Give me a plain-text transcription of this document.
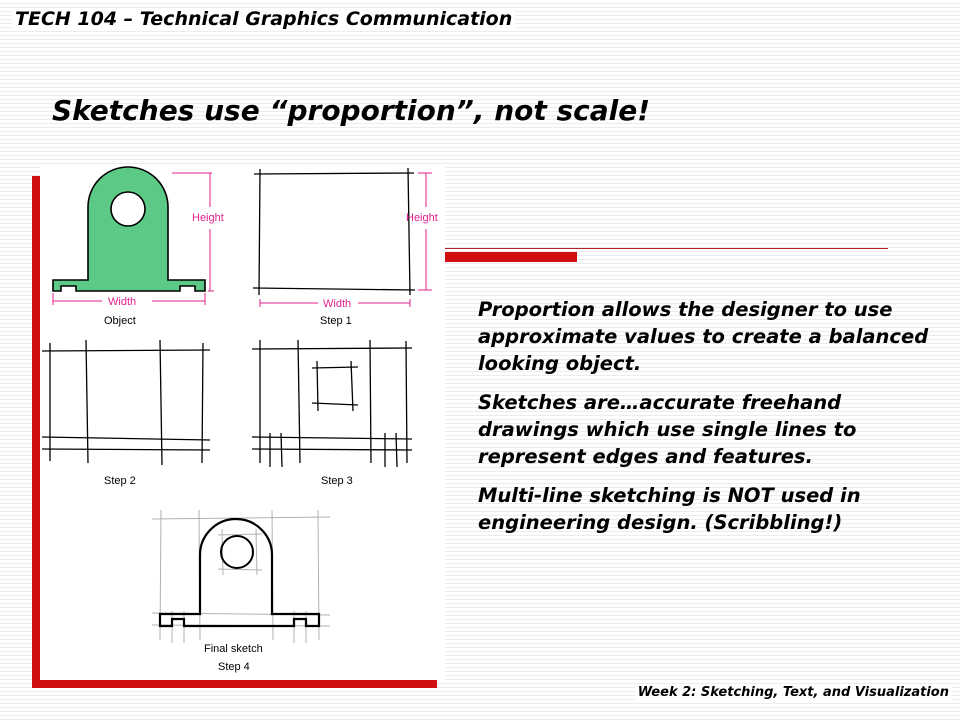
TECH 104 – Technical Graphics Communication
Sketches use “proportion”, not scale!
Height
Width
Object
Height
Width
Step 1
Step 2	Step 3
Final sketch
Step 4

Proportion allows the designer to use approximate values to create a balanced looking object.

Sketches are…accurate freehand drawings which use single lines to represent edges and features.

Multi-line sketching is NOT used in engineering design. (Scribbling!)

Week 2: Sketching, Text, and Visualization
